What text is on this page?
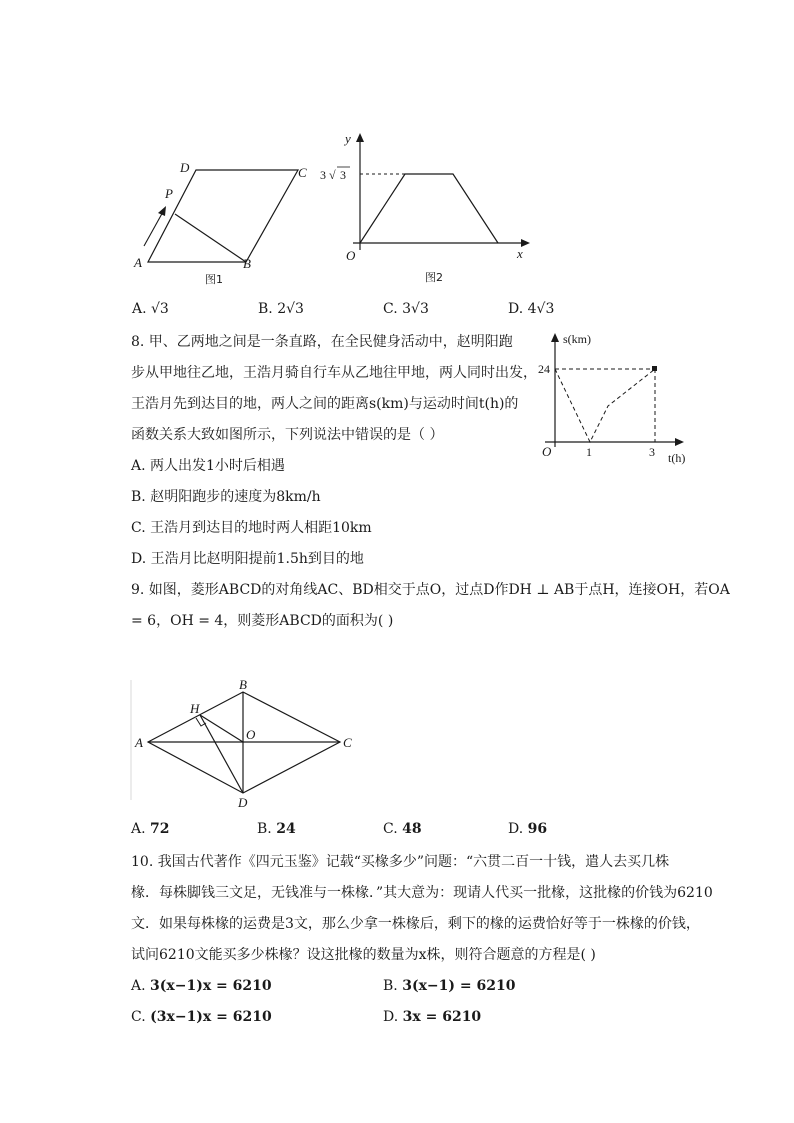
A	B
C
D
P
图1
y
x
O
3 √ 3
图2
A. √3	B. 2√3	C. 3√3	D. 4√3
8. 甲、乙两地之间是一条直路，在全民健身活动中，赵明阳跑
步从甲地往乙地，王浩月骑自行车从乙地往甲地，两人同时出发，
王浩月先到达目的地，两人之间的距离s(km)与运动时间t(h)的
函数关系大致如图所示，下列说法中错误的是（ ）
A. 两人出发1小时后相遇
B. 赵明阳跑步的速度为8km/h
C. 王浩月到达目的地时两人相距10km
D. 王浩月比赵明阳提前1.5h到目的地
s(km)
t(h)
O
24
1	3
9. 如图，菱形ABCD的对角线AC、BD相交于点O，过点D作DH ⊥ AB于点H，连接OH，若OA
= 6，OH = 4，则菱形ABCD的面积为( )
A
B
C
D
H
O
A. 72	B. 24	C. 48	D. 96
10. 我国古代著作《四元玉鉴》记载“买椽多少”问题：“六贯二百一十钱，遣人去买几株
椽．每株脚钱三文足，无钱准与一株椽．”其大意为：现请人代买一批椽，这批椽的价钱为6210
文．如果每株椽的运费是3文，那么少拿一株椽后，剩下的椽的运费恰好等于一株椽的价钱，
试问6210文能买多少株椽？设这批椽的数量为x株，则符合题意的方程是( )
A. 3(x−1)x = 6210	B. 3(x−1) = 6210
C. (3x−1)x = 6210	D. 3x = 6210
